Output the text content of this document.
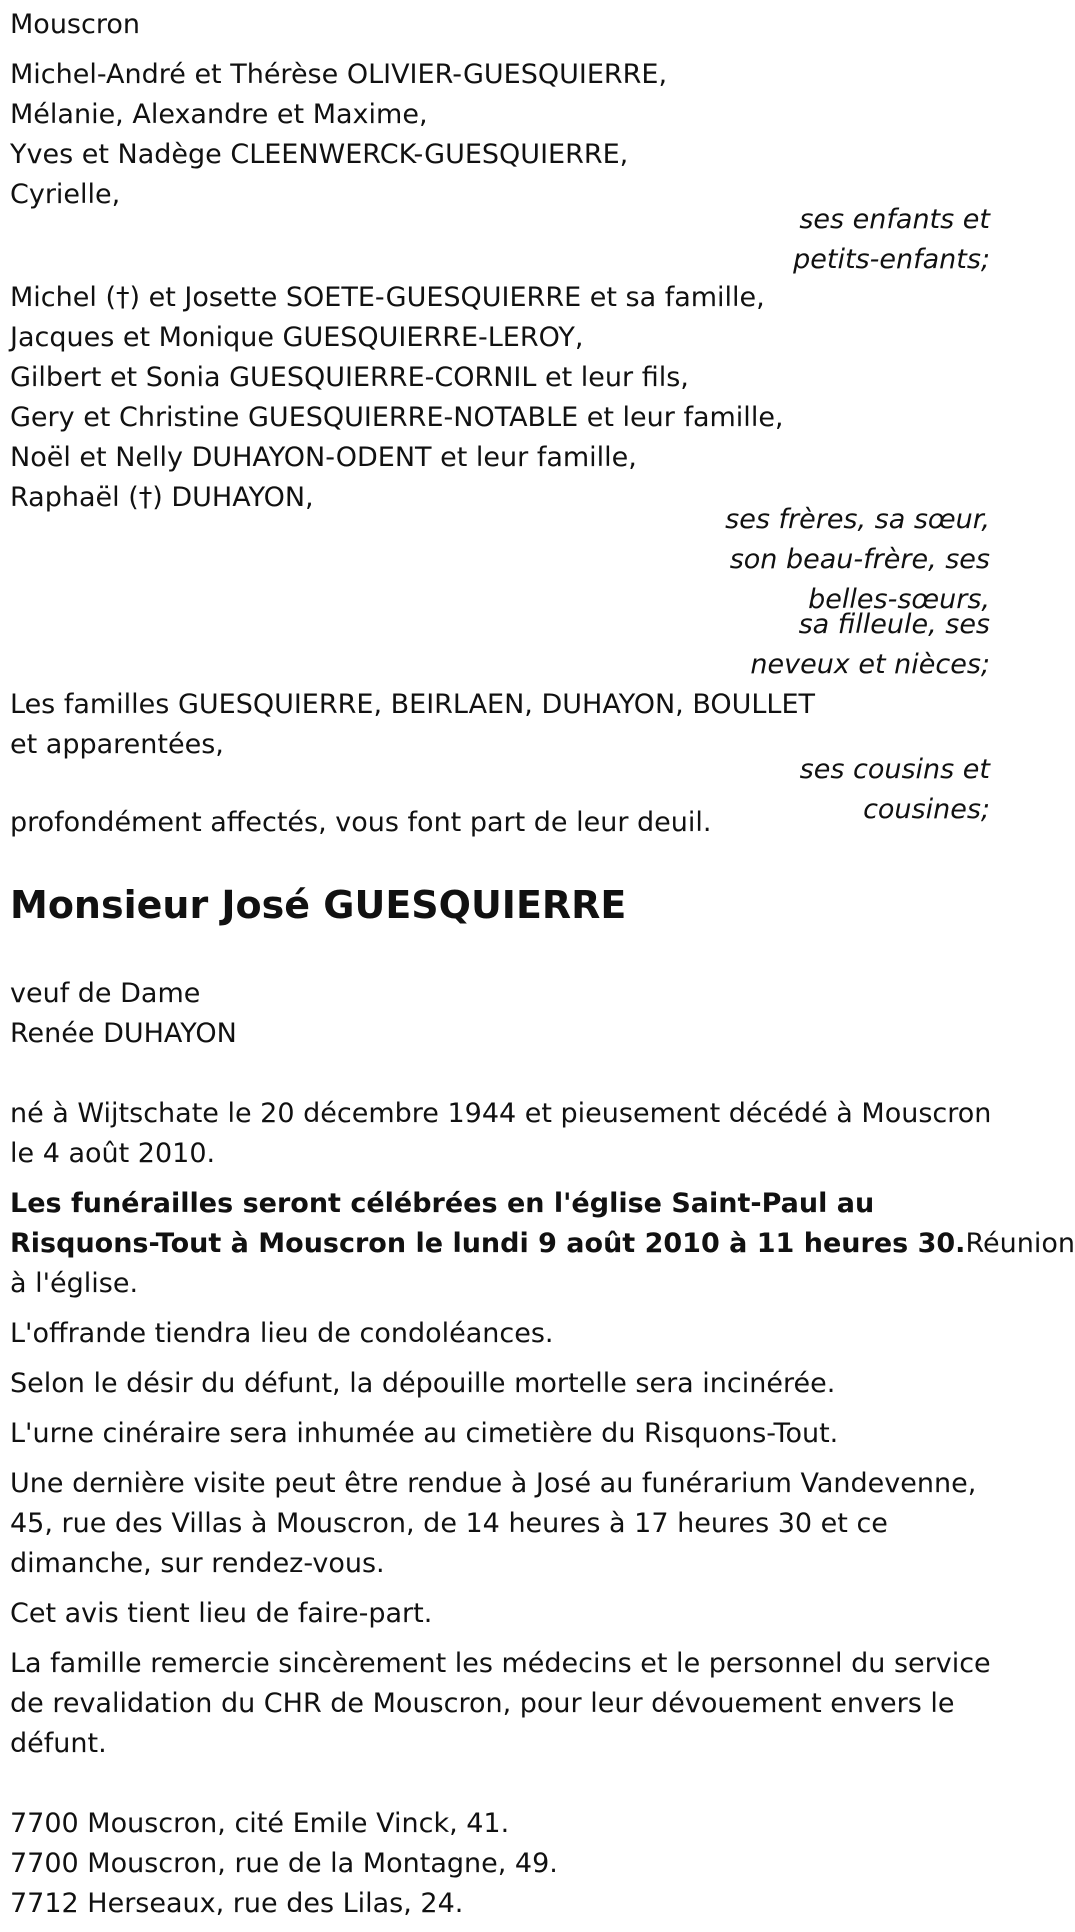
Mouscron

Michel-André et Thérèse OLIVIER-GUESQUIERRE,

Mélanie, Alexandre et Maxime,

Yves et Nadège CLEENWERCK-GUESQUIERRE,

Cyrielle,

ses enfants et

petits-enfants;

Michel (†) et Josette SOETE-GUESQUIERRE et sa famille,

Jacques et Monique GUESQUIERRE-LEROY,

Gilbert et Sonia GUESQUIERRE-CORNIL et leur fils,

Gery et Christine GUESQUIERRE-NOTABLE et leur famille,

Noël et Nelly DUHAYON-ODENT et leur famille,

Raphaël (†) DUHAYON,

ses frères, sa sœur,

son beau-frère, ses

belles-sœurs,

sa filleule, ses

neveux et nièces;

Les familles GUESQUIERRE, BEIRLAEN, DUHAYON, BOULLET

et apparentées,

ses cousins et

cousines;

profondément affectés, vous font part de leur deuil.

Monsieur José GUESQUIERRE

veuf de Dame

Renée DUHAYON

né à Wijtschate le 20 décembre 1944 et pieusement décédé à Mouscron

le 4 août 2010.

Les funérailles seront célébrées en l'église Saint-Paul au

Risquons-Tout à Mouscron le lundi 9 août 2010 à 11 heures 30.Réunion

à l'église.

L'offrande tiendra lieu de condoléances.

Selon le désir du défunt, la dépouille mortelle sera incinérée.

L'urne cinéraire sera inhumée au cimetière du Risquons-Tout.

Une dernière visite peut être rendue à José au funérarium Vandevenne,

45, rue des Villas à Mouscron, de 14 heures à 17 heures 30 et ce

dimanche, sur rendez-vous.

Cet avis tient lieu de faire-part.

La famille remercie sincèrement les médecins et le personnel du service

de revalidation du CHR de Mouscron, pour leur dévouement envers le

défunt.

7700 Mouscron, cité Emile Vinck, 41.

7700 Mouscron, rue de la Montagne, 49.

7712 Herseaux, rue des Lilas, 24.
